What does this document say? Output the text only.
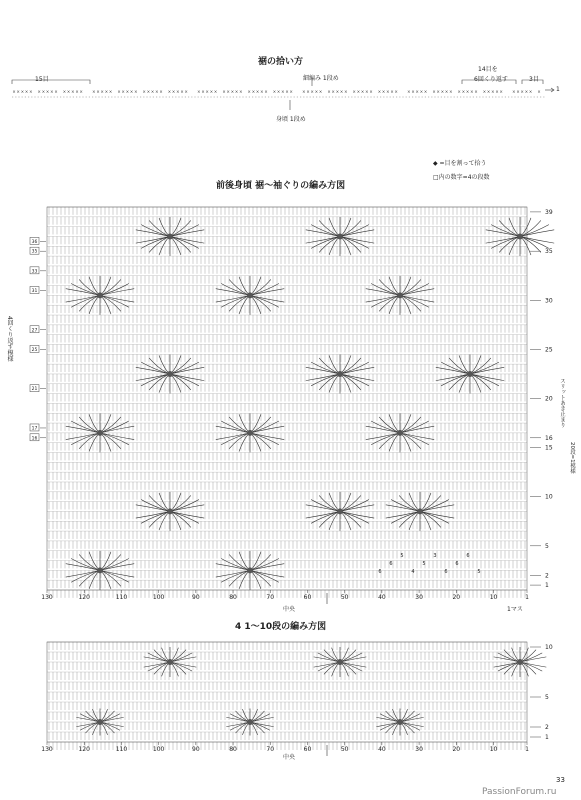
裾の拾い方
15目	細編み 1段め
14目を
6回くり返す	3目
身頃 1段め
1
× × × × × × × × × × × × × × × × × × × × × × × × × × × × × × × × × × × × × × × × × × × × × × × × × × × × × × × × × × × × × × × × × × × × × × × × × × × × × × × × × × × × × × × × × × × × × × × × × × × × ×
◆ =目を割って拾う
□内の数字=4の段数
前後身頃 裾〜袖ぐりの編み方図
130	120	110	100	90	80	70	60	50	40	30	20	10	1
39
35
30
25
20
16
15
10
5
2
1
36
35
33
31
27
25
21
17
16
6
6
5
4
5
3
6
6
6
5
4回くり返す模様
スリットあき止まり
20段=1模様
中央	1マス
4 1〜10段の編み方図
130	120	110	100	90	80	70	60	50	40	30	20	10	1
10
5
2
1
中央
33
PassionForum.ru
